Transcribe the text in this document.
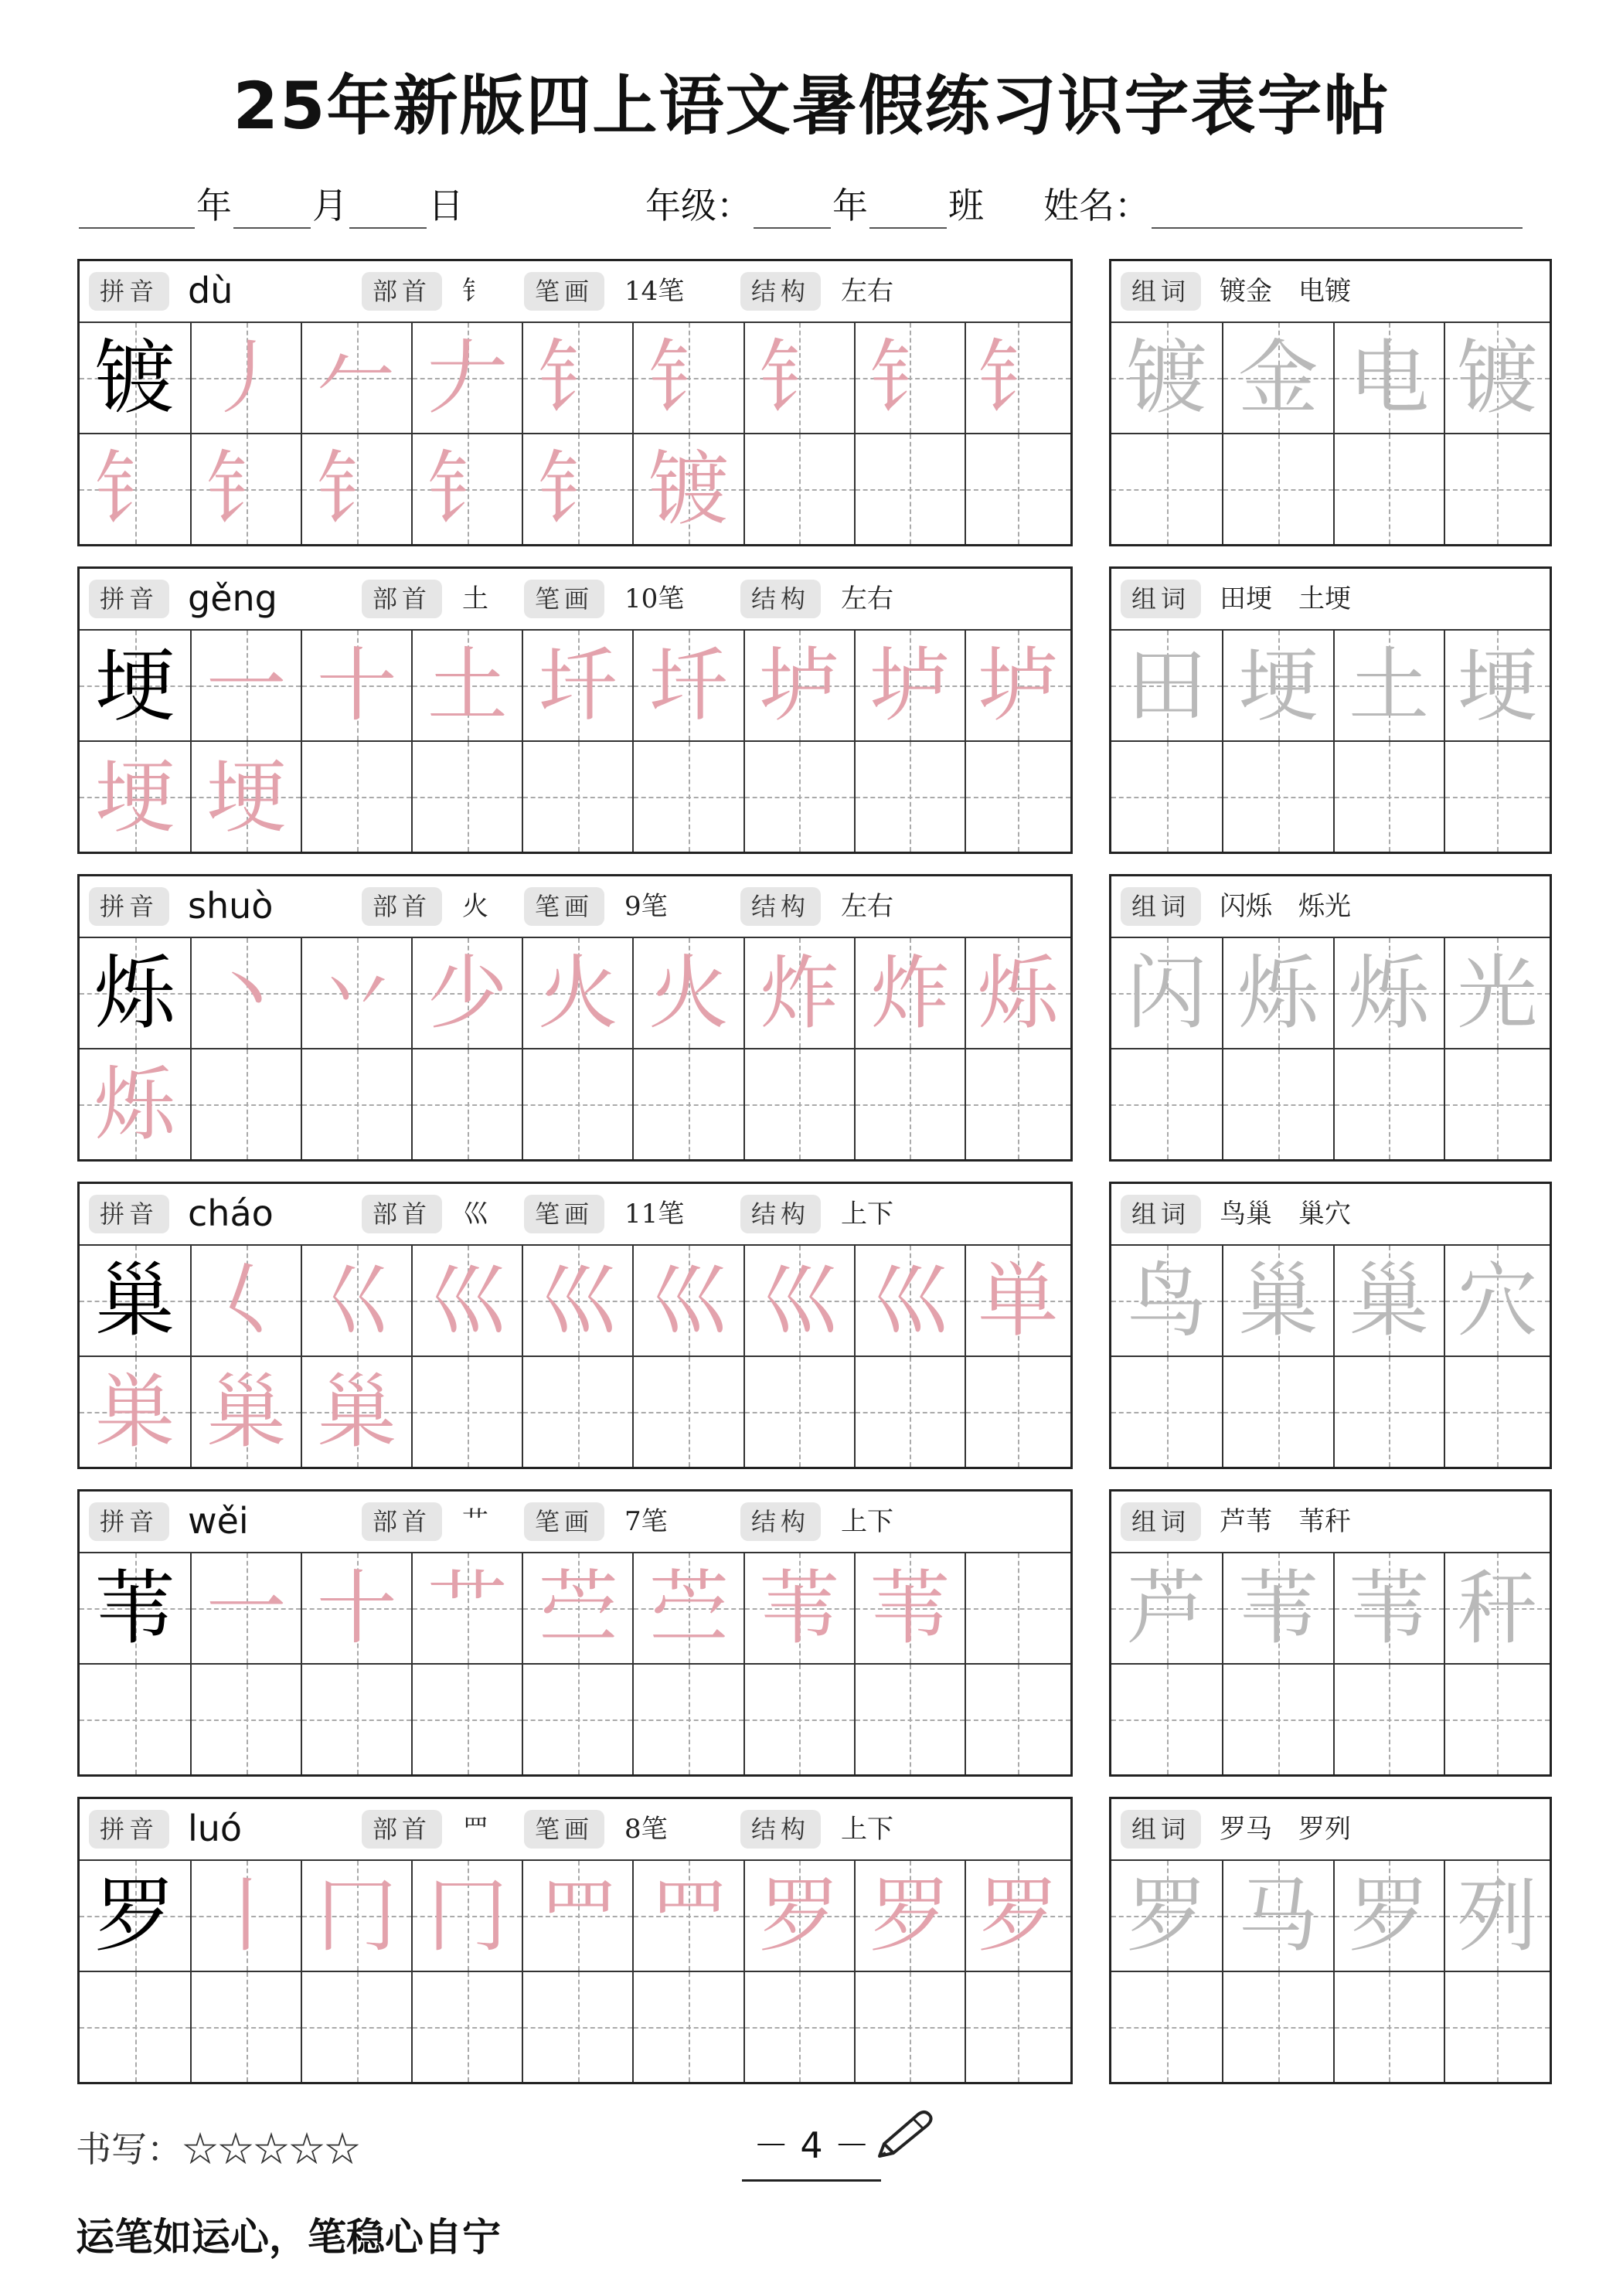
25年新版四上语文暑假练习识字表字帖
年 月 日	年级： 年 班 姓名：
拼音 dù	部首	钅	笔画	14笔	结构	左右
镀 丿 𠂉 𠂇 钅 钅 钅 钅 钅
钅 钅 钅 钅 钅 镀
组词	镀金　电镀
镀 金 电 镀
拼音 gěng	部首	土	笔画	10笔	结构	左右
埂 一 十 土 圲 圲 垆 垆 垆
埂 埂
组词	田埂　土埂
田 埂 土 埂
拼音 shuò	部首	火	笔画	9笔	结构	左右
烁 丶 丷 少 火 火 炸 炸 烁
烁
组词	闪烁　烁光
闪 烁 烁 光
拼音 cháo	部首	巛	笔画	11笔	结构	上下
巢 𡿨 巜 巛 巛 巛 巛 巛 単
巣 巢 巢
组词	鸟巢　巢穴
鸟 巢 巢 穴
拼音 wěi	部首	艹	笔画	7笔	结构	上下
苇 一 十 艹 苎 苎 苇 苇
组词	芦苇　苇秆
芦 苇 苇 秆
拼音 luó	部首	罒	笔画	8笔	结构	上下
罗 丨 冂 冂 罒 罒 罗 罗 罗
组词	罗马　罗列
罗 马 罗 列
书写：☆☆☆☆☆	－ 4 －
运笔如运心，笔稳心自宁
